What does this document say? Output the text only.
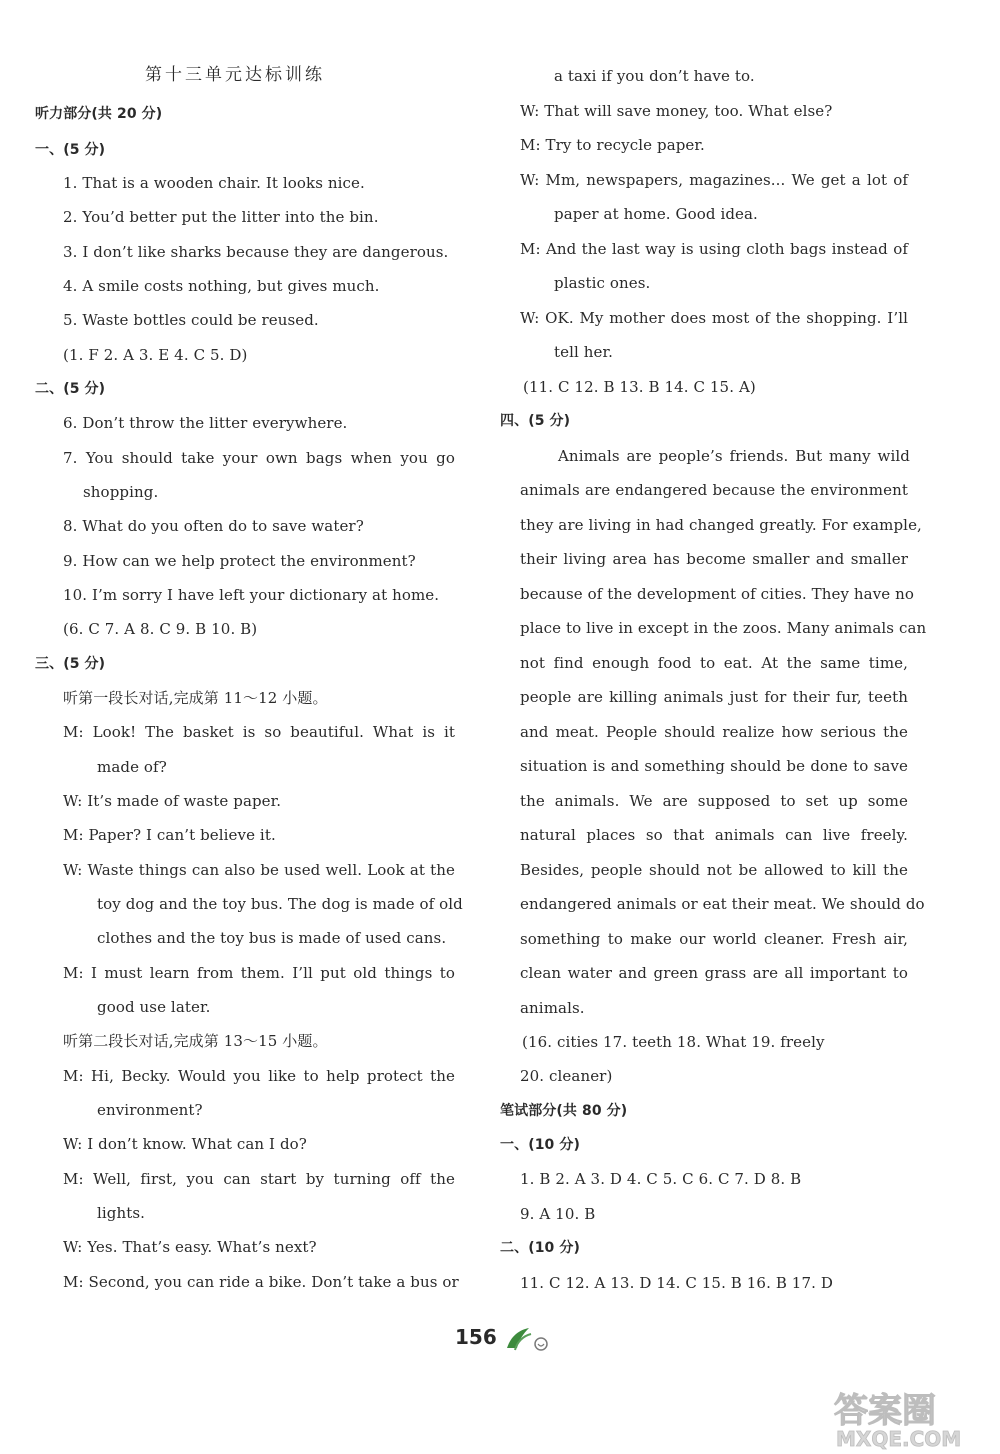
第十三单元达标训练
听力部分(共 20 分)
一、(5 分)
1. That is a wooden chair. It looks nice.
2. You’d better put the litter into the bin.
3. I don’t like sharks because they are dangerous.
4. A smile costs nothing, but gives much.
5. Waste bottles could be reused.
(1. F 2. A 3. E 4. C 5. D)
二、(5 分)
6. Don’t throw the litter everywhere.
7. You should take your own bags when you go
shopping.
8. What do you often do to save water?
9. How can we help protect the environment?
10. I’m sorry I have left your dictionary at home.
(6. C 7. A 8. C 9. B 10. B)
三、(5 分)
听第一段长对话,完成第 11～12 小题。
M: Look! The basket is so beautiful. What is it
made of?
W: It’s made of waste paper.
M: Paper? I can’t believe it.
W: Waste things can also be used well. Look at the
toy dog and the toy bus. The dog is made of old
clothes and the toy bus is made of used cans.
M: I must learn from them. I’ll put old things to
good use later.
听第二段长对话,完成第 13～15 小题。
M: Hi, Becky. Would you like to help protect the
environment?
W: I don’t know. What can I do?
M: Well, first, you can start by turning off the
lights.
W: Yes. That’s easy. What’s next?
M: Second, you can ride a bike. Don’t take a bus or
a taxi if you don’t have to.
W: That will save money, too. What else?
M: Try to recycle paper.
W: Mm, newspapers, magazines... We get a lot of
paper at home. Good idea.
M: And the last way is using cloth bags instead of
plastic ones.
W: OK. My mother does most of the shopping. I’ll
tell her.
(11. C 12. B 13. B 14. C 15. A)
四、(5 分)
Animals are people’s friends. But many wild
animals are endangered because the environment
they are living in had changed greatly. For example,
their living area has become smaller and smaller
because of the development of cities. They have no
place to live in except in the zoos. Many animals can
not find enough food to eat. At the same time,
people are killing animals just for their fur, teeth
and meat. People should realize how serious the
situation is and something should be done to save
the animals. We are supposed to set up some
natural places so that animals can live freely.
Besides, people should not be allowed to kill the
endangered animals or eat their meat. We should do
something to make our world cleaner. Fresh air,
clean water and green grass are all important to
animals.
(16. cities 17. teeth 18. What 19. freely
20. cleaner)
笔试部分(共 80 分)
一、(10 分)
1. B 2. A 3. D 4. C 5. C 6. C 7. D 8. B
9. A 10. B
二、(10 分)
11. C 12. A 13. D 14. C 15. B 16. B 17. D
156
答案圈
MXQE.COM
